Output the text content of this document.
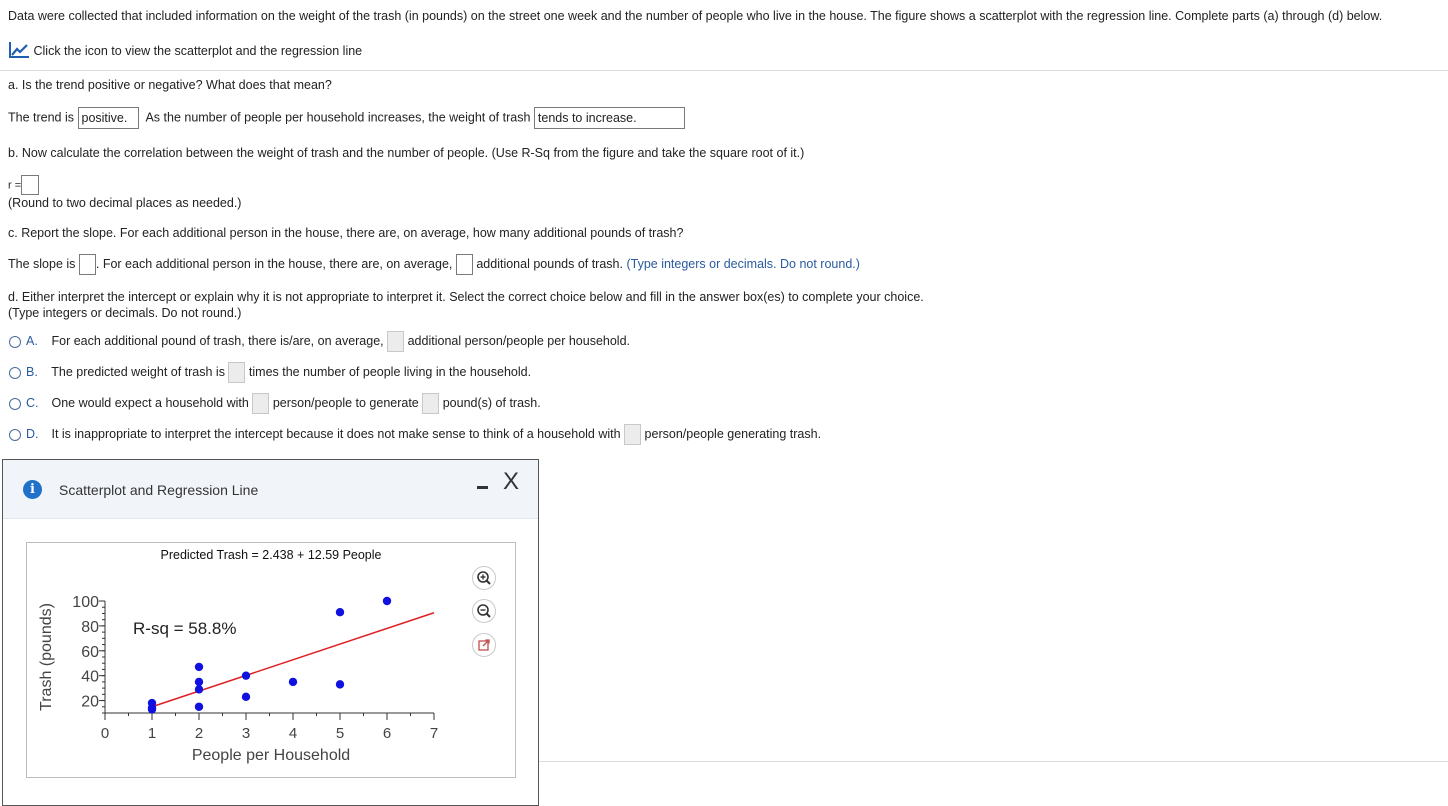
Data were collected that included information on the weight of the trash (in pounds) on the street one week and the number of people who live in the house. The figure shows a scatterplot with the regression line. Complete parts (a) through (d) below.
Click the icon to view the scatterplot and the regression line
a. Is the trend positive or negative? What does that mean?
The trend is positive. As the number of people per household increases, the weight of trash tends to increase.
b. Now calculate the correlation between the weight of trash and the number of people. (Use R-Sq from the figure and take the square root of it.)
r =
(Round to two decimal places as needed.)
c. Report the slope. For each additional person in the house, there are, on average, how many additional pounds of trash?
The slope is . For each additional person in the house, there are, on average, additional pounds of trash. (Type integers or decimals. Do not round.)
d. Either interpret the intercept or explain why it is not appropriate to interpret it. Select the correct choice below and fill in the answer box(es) to complete your choice.
(Type integers or decimals. Do not round.)
A. For each additional pound of trash, there is/are, on average, additional person/people per household.
B. The predicted weight of trash is times the number of people living in the household.
C. One would expect a household with person/people to generate pound(s) of trash.
D. It is inappropriate to interpret the intercept because it does not make sense to think of a household with person/people generating trash.
i	Scatterplot and Regression Line	X
Predicted Trash = 2.438 + 12.59 People
20
40
60
80
100
0	1	2	3	4	5	6	7
People per Household
Trash (pounds)	R-sq = 58.8%
